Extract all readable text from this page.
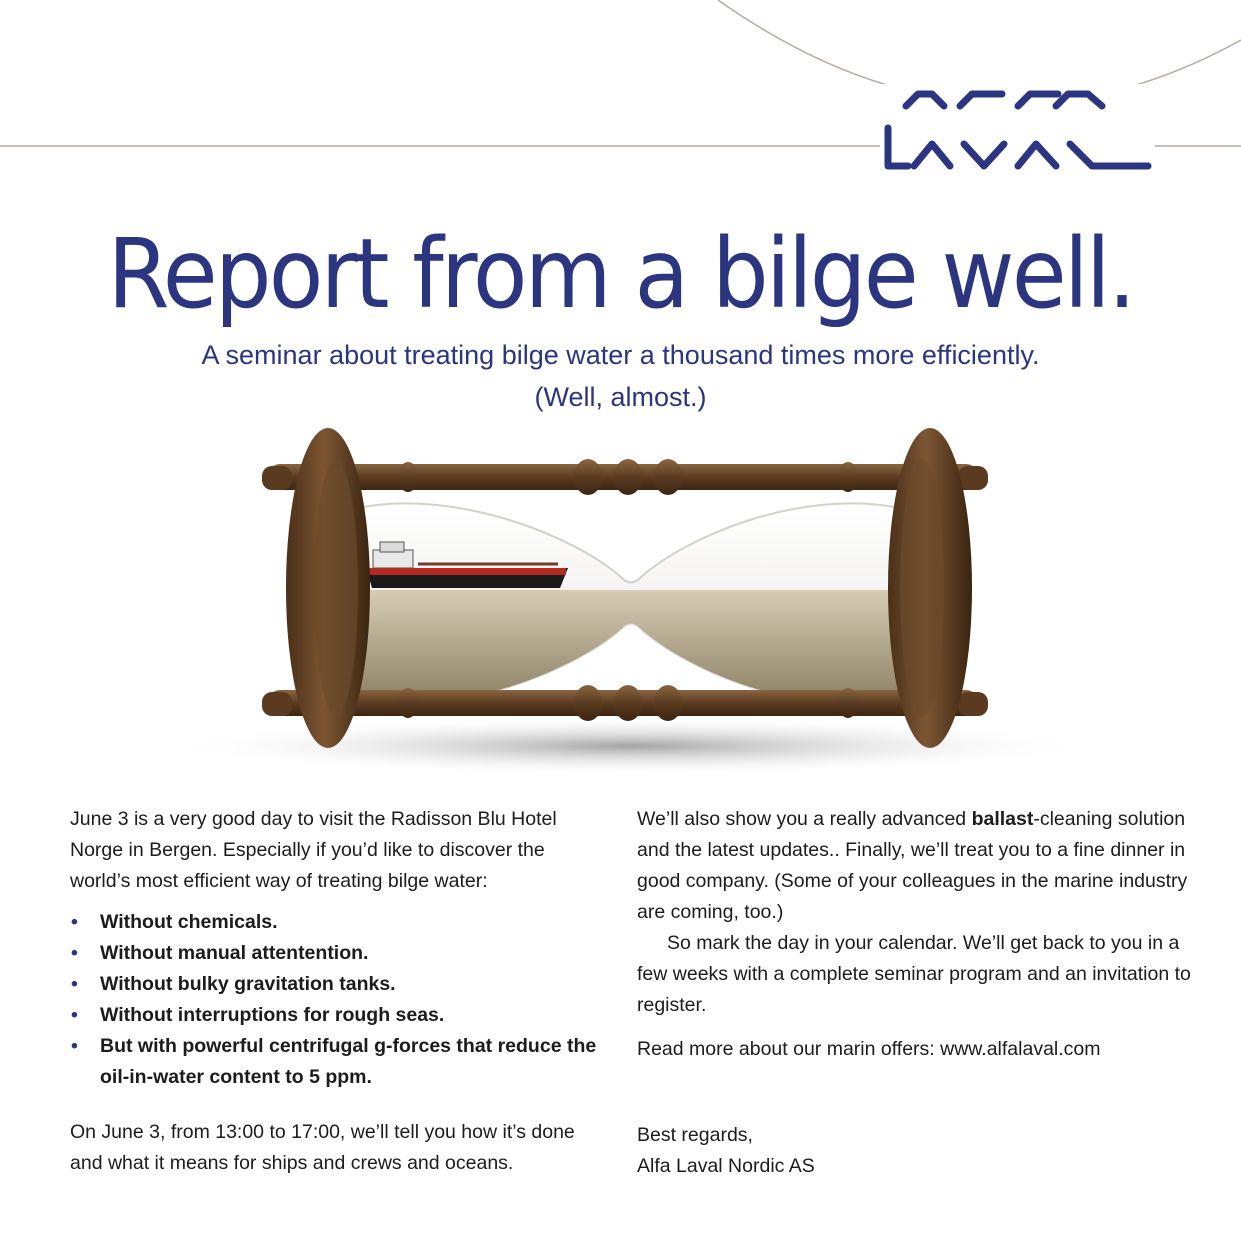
Report from a bilge well.

A seminar about treating bilge water a thousand times more efficiently.

(Well, almost.)

June 3 is a very good day to visit the Radisson Blu Hotel Norge in Bergen. Especially if you’d like to discover the world’s most efficient way of treating bilge water:

• Without chemicals.
• Without manual attentention.
• Without bulky gravitation tanks.
• Without interruptions for rough seas.
• But with powerful centrifugal g-forces that reduce the oil-in-water content to 5 ppm.

On June 3, from 13:00 to 17:00, we’ll tell you how it’s done and what it means for ships and crews and oceans.

We’ll also show you a really advanced ballast-cleaning solution and the latest updates.. Finally, we’ll treat you to a fine dinner in good company. (Some of your colleagues in the marine industry are coming, too.)

So mark the day in your calendar. We’ll get back to you in a few weeks with a complete seminar program and an invitation to register.

Read more about our marin offers: www.alfalaval.com

Best regards,

Alfa Laval Nordic AS
